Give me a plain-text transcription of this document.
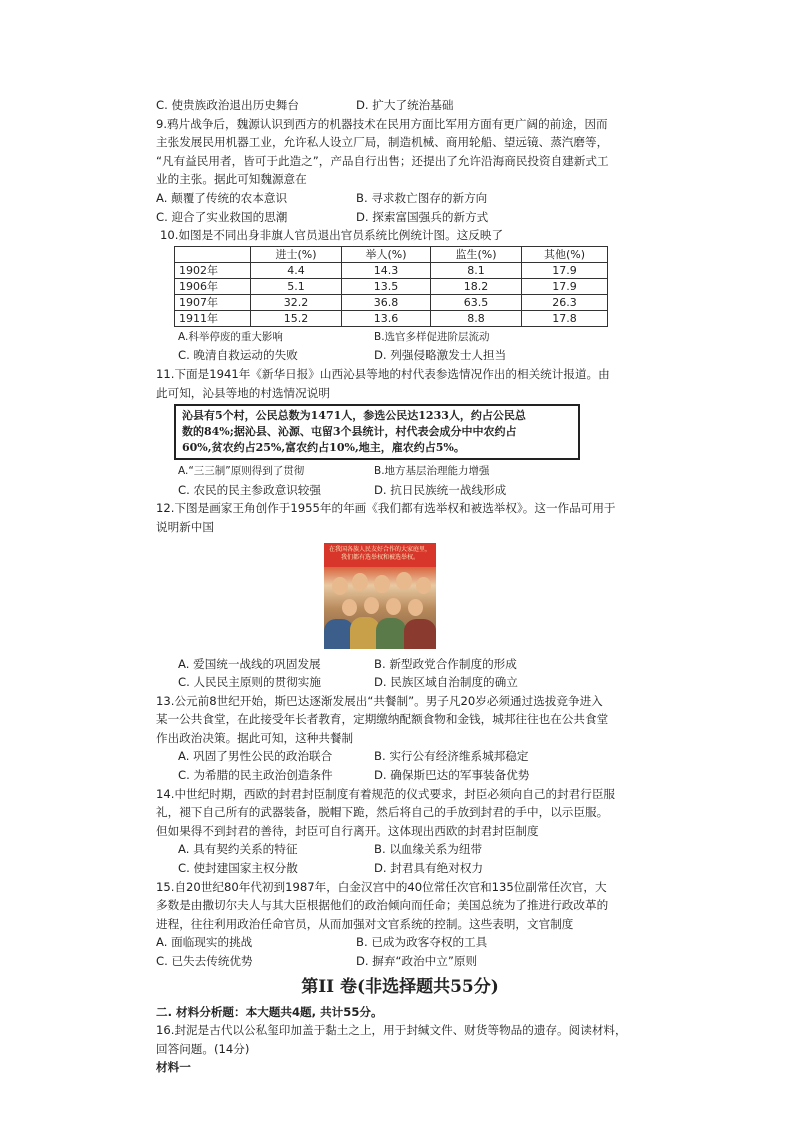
C. 使贵族政治退出历史舞台	D. 扩大了统治基础
9.鸦片战争后，魏源认识到西方的机器技术在民用方面比军用方面有更广阔的前途，因而
主张发展民用机器工业，允许私人设立厂局，制造机械、商用轮船、望远镜、蒸汽磨等，
“凡有益民用者，皆可于此造之”，产品自行出售；还提出了允许沿海商民投资自建新式工
业的主张。据此可知魏源意在
A. 颠覆了传统的农本意识	B. 寻求救亡图存的新方向
C. 迎合了实业救国的思潮	D. 探索富国强兵的新方式
10.如图是不同出身非旗人官员退出官员系统比例统计图。这反映了
	进士(%)	举人(%)	监生(%)	其他(%)
1902年	4.4	14.3	8.1	17.9
1906年	5.1	13.5	18.2	17.9
1907年	32.2	36.8	63.5	26.3
1911年	15.2	13.6	8.8	17.8
A.科举停废的重大影响	B.选官多样促进阶层流动
C. 晚清自救运动的失败	D. 列强侵略激发士人担当
11.下面是1941年《新华日报》山西沁县等地的村代表参选情况作出的相关统计报道。由
此可知，沁县等地的村选情况说明
沁县有5个村，公民总数为1471人，参选公民达1233人，约占公民总
数的84%;据沁县、沁源、屯留3个县统计，村代表会成分中中农约占
60%,贫农约占25%,富农约占10%,地主，雇农约占5%。
A.“三三制”原则得到了贯彻	B.地方基层治理能力增强
C. 农民的民主参政意识较强	D. 抗日民族统一战线形成
12.下图是画家王角创作于1955年的年画《我们都有选举权和被选举权》。这一作品可用于
说明新中国
在我国各族人民友好合作的大家庭里，
我们都有选举权和被选举权。
A. 爱国统一战线的巩固发展	B. 新型政党合作制度的形成
C. 人民民主原则的贯彻实施	D. 民族区域自治制度的确立
13.公元前8世纪开始，斯巴达逐渐发展出“共餐制”。男子凡20岁必须通过选拔竞争进入
某一公共食堂，在此接受年长者教育，定期缴纳配额食物和金钱，城邦往往也在公共食堂
作出政治决策。据此可知，这种共餐制
A. 巩固了男性公民的政治联合	B. 实行公有经济维系城邦稳定
C. 为希腊的民主政治创造条件	D. 确保斯巴达的军事装备优势
14.中世纪时期，西欧的封君封臣制度有着规范的仪式要求，封臣必须向自己的封君行臣服
礼，褪下自己所有的武器装备，脱帽下跪，然后将自己的手放到封君的手中，以示臣服。
但如果得不到封君的善待，封臣可自行离开。这体现出西欧的封君封臣制度
A. 具有契约关系的特征	B. 以血缘关系为纽带
C. 使封建国家主权分散	D. 封君具有绝对权力
15.自20世纪80年代初到1987年，白金汉宫中的40位常任次官和135位副常任次官，大
多数是由撒切尔夫人与其大臣根据他们的政治倾向而任命；美国总统为了推进行政改革的
进程，往往利用政治任命官员，从而加强对文官系统的控制。这些表明，文官制度
A. 面临现实的挑战	B. 已成为政客夺权的工具
C. 已失去传统优势	D. 摒弃“政治中立”原则
第II 卷(非选择题共55分)
二. 材料分析题：本大题共4题, 共计55分。
16.封泥是古代以公私玺印加盖于黏土之上，用于封缄文件、财货等物品的遗存。阅读材料，
回答问题。(14分)
材料一
